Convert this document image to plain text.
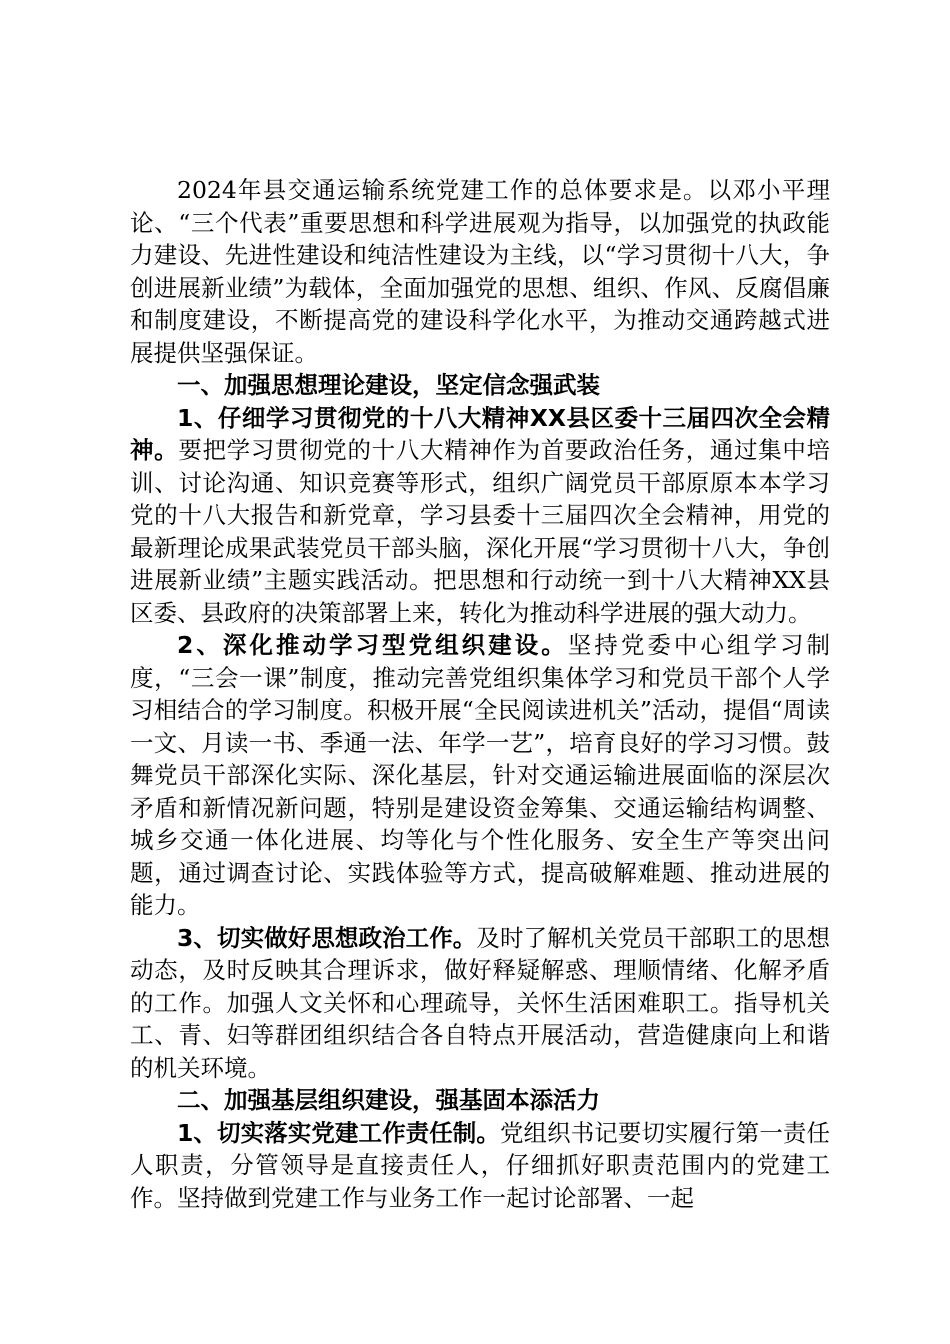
2024年县交通运输系统党建工作的总体要求是。以邓小平理论、“三个代表”重要思想和科学进展观为指导，以加强党的执政能力建设、先进性建设和纯洁性建设为主线，以“学习贯彻十八大，争创进展新业绩”为载体，全面加强党的思想、组织、作风、反腐倡廉和制度建设，不断提高党的建设科学化水平，为推动交通跨越式进展提供坚强保证。

一、加强思想理论建设，坚定信念强武装

1、仔细学习贯彻党的十八大精神XX县区委十三届四次全会精神。要把学习贯彻党的十八大精神作为首要政治任务，通过集中培训、讨论沟通、知识竞赛等形式，组织广阔党员干部原原本本学习党的十八大报告和新党章，学习县委十三届四次全会精神，用党的最新理论成果武装党员干部头脑，深化开展“学习贯彻十八大，争创进展新业绩”主题实践活动。把思想和行动统一到十八大精神XX县区委、县政府的决策部署上来，转化为推动科学进展的强大动力。

2、深化推动学习型党组织建设。坚持党委中心组学习制度，“三会一课”制度，推动完善党组织集体学习和党员干部个人学习相结合的学习制度。积极开展“全民阅读进机关”活动，提倡“周读一文、月读一书、季通一法、年学一艺”，培育良好的学习习惯。鼓舞党员干部深化实际、深化基层，针对交通运输进展面临的深层次矛盾和新情况新问题，特别是建设资金筹集、交通运输结构调整、城乡交通一体化进展、均等化与个性化服务、安全生产等突出问题，通过调查讨论、实践体验等方式，提高破解难题、推动进展的能力。

3、切实做好思想政治工作。及时了解机关党员干部职工的思想动态，及时反映其合理诉求，做好释疑解惑、理顺情绪、化解矛盾的工作。加强人文关怀和心理疏导，关怀生活困难职工。指导机关工、青、妇等群团组织结合各自特点开展活动，营造健康向上和谐的机关环境。

二、加强基层组织建设，强基固本添活力

1、切实落实党建工作责任制。党组织书记要切实履行第一责任人职责，分管领导是直接责任人，仔细抓好职责范围内的党建工作。坚持做到党建工作与业务工作一起讨论部署、一起
